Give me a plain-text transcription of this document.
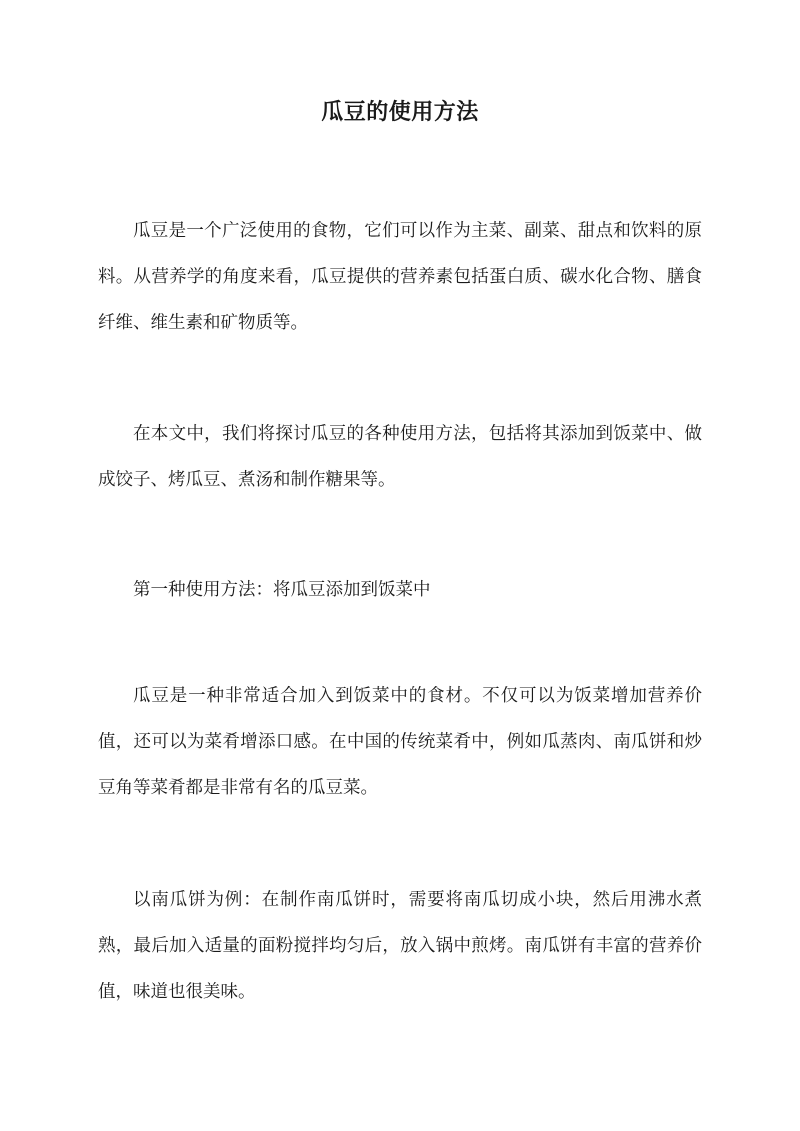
瓜豆的使用方法

瓜豆是一个广泛使用的食物，它们可以作为主菜、副菜、甜点和饮料的原料。从营养学的角度来看，瓜豆提供的营养素包括蛋白质、碳水化合物、膳食纤维、维生素和矿物质等。

在本文中，我们将探讨瓜豆的各种使用方法，包括将其添加到饭菜中、做成饺子、烤瓜豆、煮汤和制作糖果等。

第一种使用方法：将瓜豆添加到饭菜中

瓜豆是一种非常适合加入到饭菜中的食材。不仅可以为饭菜增加营养价值，还可以为菜肴增添口感。在中国的传统菜肴中，例如瓜蒸肉、南瓜饼和炒豆角等菜肴都是非常有名的瓜豆菜。

以南瓜饼为例：在制作南瓜饼时，需要将南瓜切成小块，然后用沸水煮熟，最后加入适量的面粉搅拌均匀后，放入锅中煎烤。南瓜饼有丰富的营养价值，味道也很美味。
